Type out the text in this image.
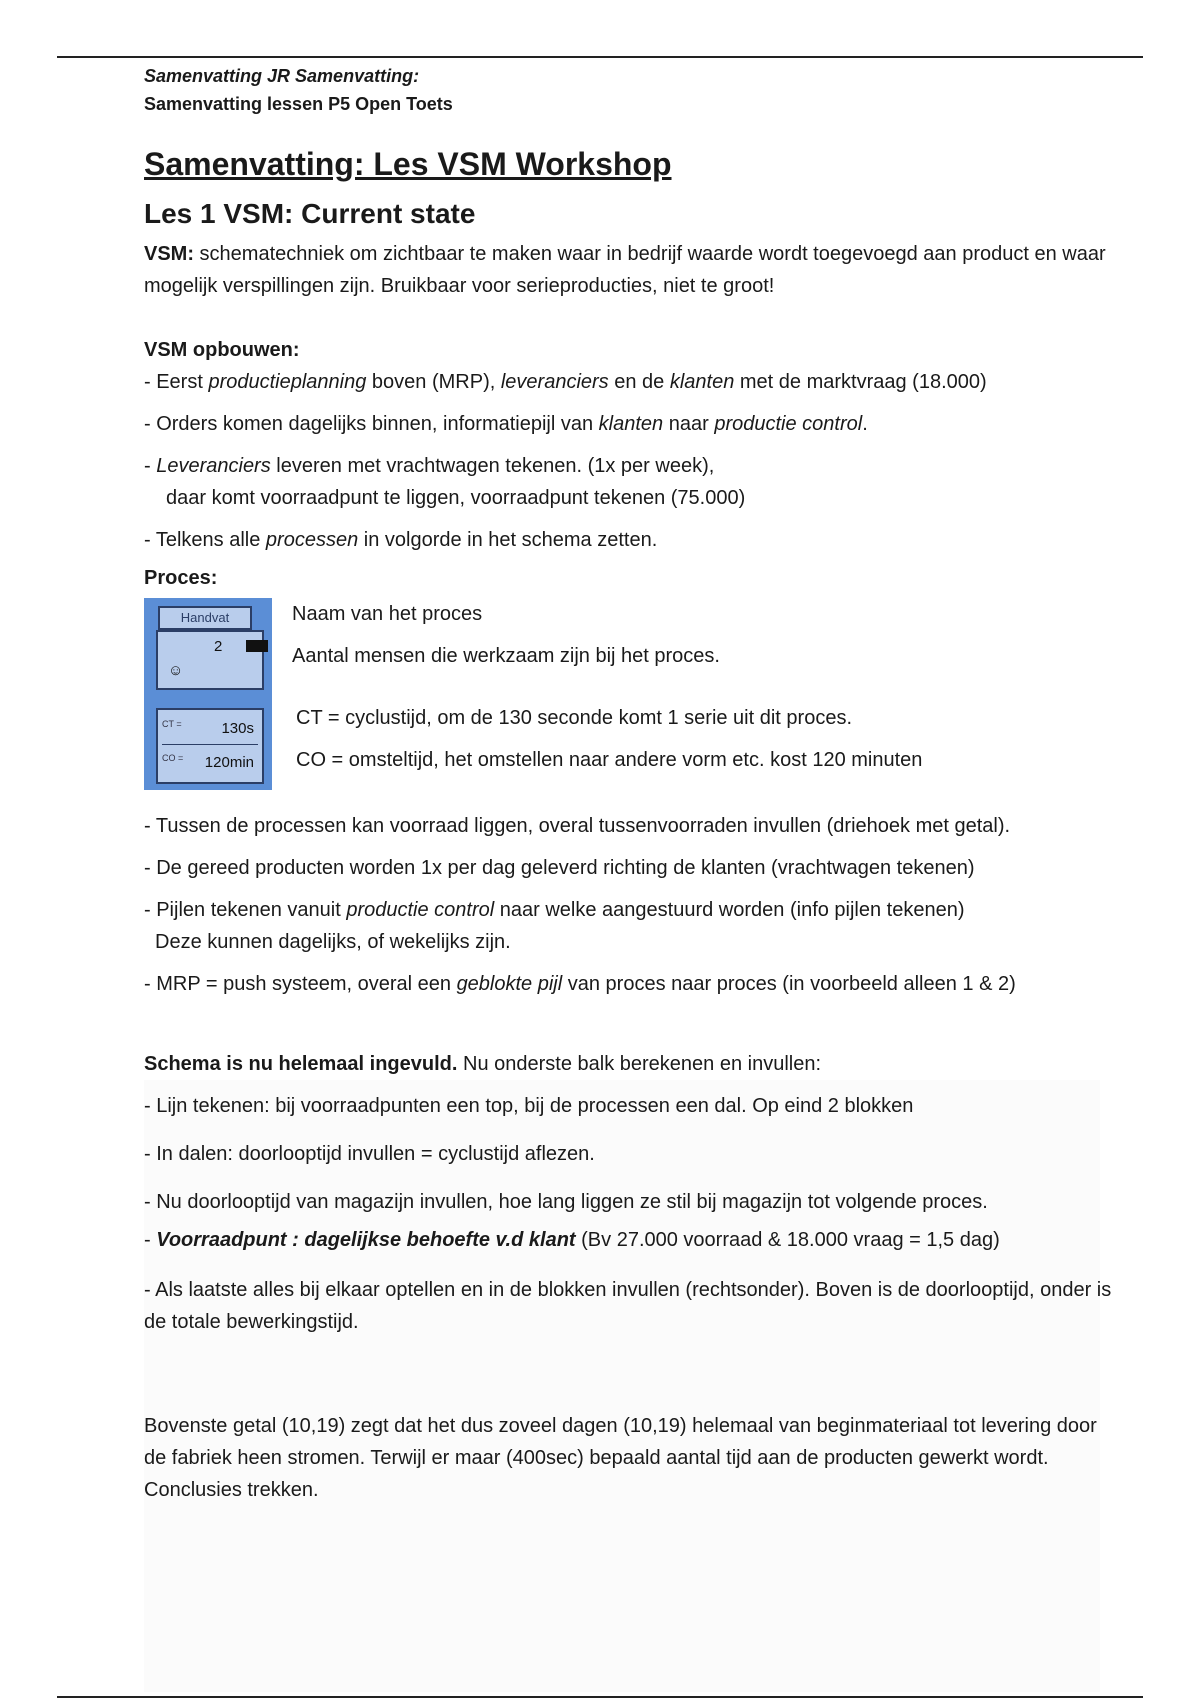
Samenvatting JR Samenvatting:
Samenvatting lessen P5 Open Toets
Samenvatting: Les VSM Workshop
Les 1 VSM: Current state

VSM: schematechniek om zichtbaar te maken waar in bedrijf waarde wordt toegevoegd aan product en waar mogelijk verspillingen zijn. Bruikbaar voor serieproducties, niet te groot!

VSM opbouwen:

- Eerst productieplanning boven (MRP), leveranciers en de klanten met de marktvraag (18.000)

- Orders komen dagelijks binnen, informatiepijl van klanten naar productie control.

- Leveranciers leveren met vrachtwagen tekenen. (1x per week),

daar komt voorraadpunt te liggen, voorraadpunt tekenen (75.000)

- Telkens alle processen in volgorde in het schema zetten.

Proces:

Handvat
2
☺
CT =	130s
CO = 120min
Naam van het proces
Aantal mensen die werkzaam zijn bij het proces.
CT = cyclustijd, om de 130 seconde komt 1 serie uit dit proces.
CO = omsteltijd, het omstellen naar andere vorm etc. kost 120 minuten

- Tussen de processen kan voorraad liggen, overal tussenvoorraden invullen (driehoek met getal).

- De gereed producten worden 1x per dag geleverd richting de klanten (vrachtwagen tekenen)

- Pijlen tekenen vanuit productie control naar welke aangestuurd worden (info pijlen tekenen)

Deze kunnen dagelijks, of wekelijks zijn.

- MRP = push systeem, overal een geblokte pijl van proces naar proces (in voorbeeld alleen 1 & 2)

Schema is nu helemaal ingevuld. Nu onderste balk berekenen en invullen:

- Lijn tekenen: bij voorraadpunten een top, bij de processen een dal. Op eind 2 blokken

- In dalen: doorlooptijd invullen = cyclustijd aflezen.

- Nu doorlooptijd van magazijn invullen, hoe lang liggen ze stil bij magazijn tot volgende proces.

- Voorraadpunt : dagelijkse behoefte v.d klant (Bv 27.000 voorraad & 18.000 vraag = 1,5 dag)

- Als laatste alles bij elkaar optellen en in de blokken invullen (rechtsonder). Boven is de doorlooptijd, onder is de totale bewerkingstijd.

Bovenste getal (10,19) zegt dat het dus zoveel dagen (10,19) helemaal van beginmateriaal tot levering door de fabriek heen stromen. Terwijl er maar (400sec) bepaald aantal tijd aan de producten gewerkt wordt. Conclusies trekken.
